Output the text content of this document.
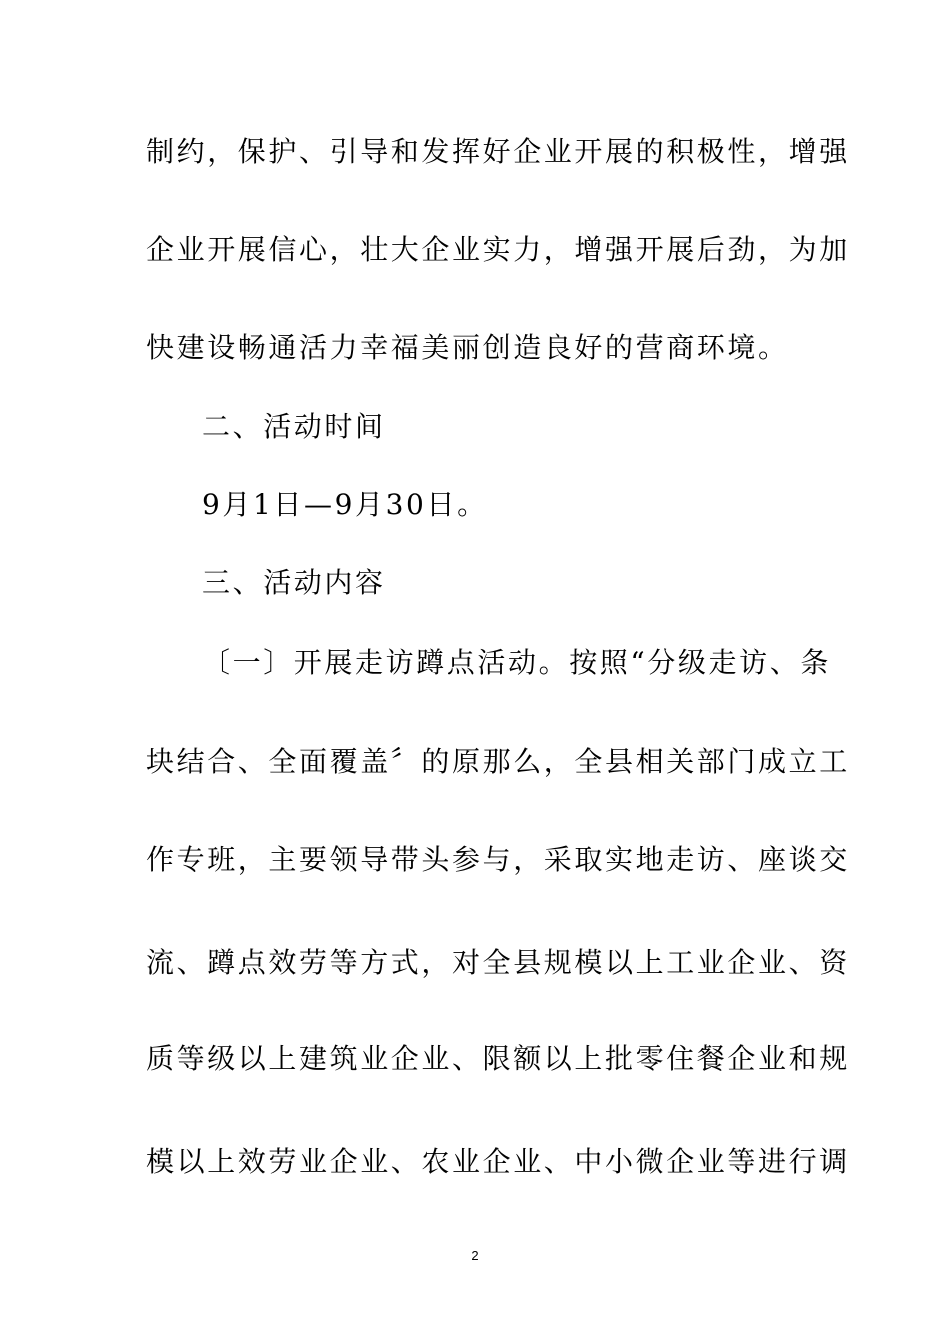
制约，保护、引导和发挥好企业开展的积极性，增强
企业开展信心，壮大企业实力，增强开展后劲，为加
快建设畅通活力幸福美丽创造良好的营商环境。
二、活动时间
9月1日—9月30日。
三、活动内容
〔一〕开展走访蹲点活动。按照“分级走访、条
块结合、全面覆盖〞的原那么，全县相关部门成立工
作专班，主要领导带头参与，采取实地走访、座谈交
流、蹲点效劳等方式，对全县规模以上工业企业、资
质等级以上建筑业企业、限额以上批零住餐企业和规
模以上效劳业企业、农业企业、中小微企业等进行调
2
